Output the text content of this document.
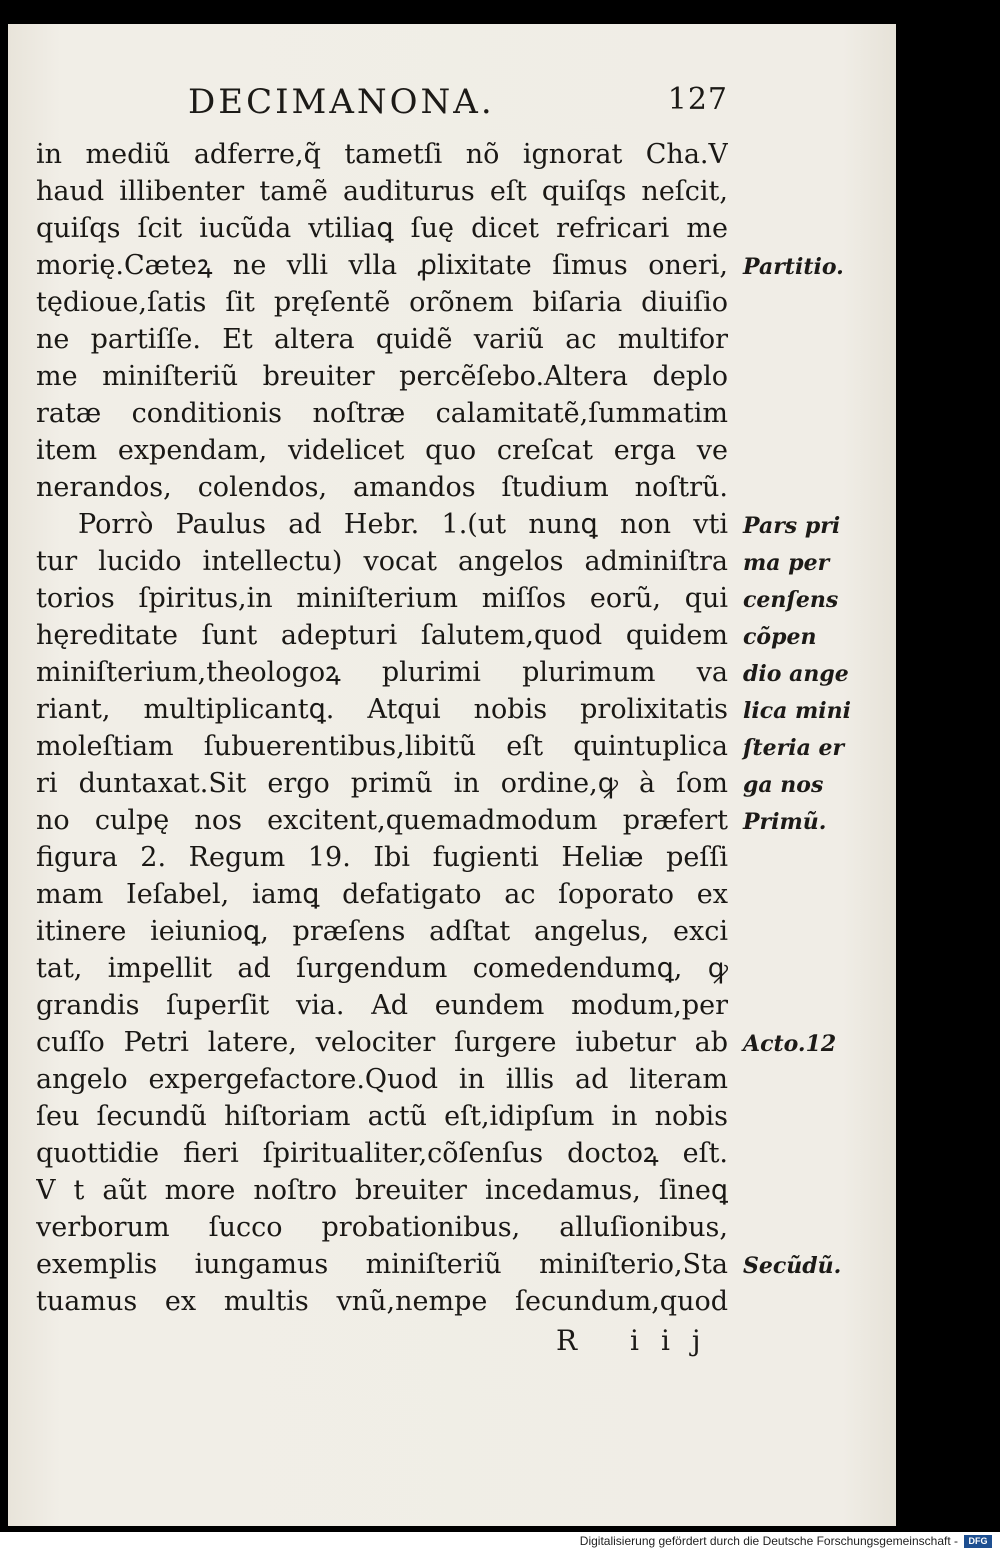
DECIMANONA.	127
in mediũ adferre,q̃ tametſi nõ ignorat Cha.V
haud illibenter tamẽ auditurus eſt quiſqs neſcit,
quiſqs ſcit iucũda vtiliaꝗ ſuę dicet refricari me
morię.Cæteꝝ ne vlli vlla ꝓlixitate ſimus oneri,
tędioue,ſatis ſit pręſentẽ orõnem biſaria diuiſio
ne partiſſe. Et altera quidẽ variũ ac multifor
me miniſteriũ breuiter percẽſebo.Altera deplo
ratæ conditionis noſtræ calamitatẽ,ſummatim
item expendam, videlicet quo creſcat erga ve
nerandos, colendos, amandos ſtudium noſtrũ.
Porrò Paulus ad Hebr. 1.(ut nunꝗ non vti
tur lucido intellectu) vocat angelos adminiſtra
torios ſpiritus,in miniſterium miſſos eorũ, qui
hęreditate ſunt adepturi ſalutem,quod quidem
miniſterium,theologoꝝ plurimi plurimum va
riant, multiplicantꝗ. Atqui nobis prolixitatis
moleſtiam ſubuerentibus,libitũ eſt quintuplica
ri duntaxat.Sit ergo primũ in ordine,ꝙ à ſom
no culpę nos excitent,quemadmodum præfert
figura 2. Regum 19. Ibi fugienti Heliæ peſſi
mam Ieſabel, iamꝗ defatigato ac ſoporato ex
itinere ieiunioꝗ, præſens adſtat angelus, exci
tat, impellit ad ſurgendum comedendumꝗ, ꝙ
grandis ſuperſit via. Ad eundem modum,per
cuſſo Petri latere, velociter ſurgere iubetur ab
angelo expergefactore.Quod in illis ad literam
ſeu ſecundũ hiſtoriam actũ eſt,idipſum in nobis
quottidie fieri ſpiritualiter,cõſenſus doctoꝝ eſt.
V t aũt more noſtro breuiter incedamus, ſineꝗ
verborum ſucco probationibus, alluſionibus,
exemplis iungamus miniſteriũ miniſterio,Sta
tuamus ex multis vnũ,nempe ſecundum,quod
Partitio.
Pars pri
ma per
cenſens
cõpen
dio ange
lica mini
ſteria er
ga nos
Primũ.
Acto.12
Secũdũ.
R iij
Digitalisierung gefördert durch die Deutsche Forschungsgemeinschaft -	DFG
